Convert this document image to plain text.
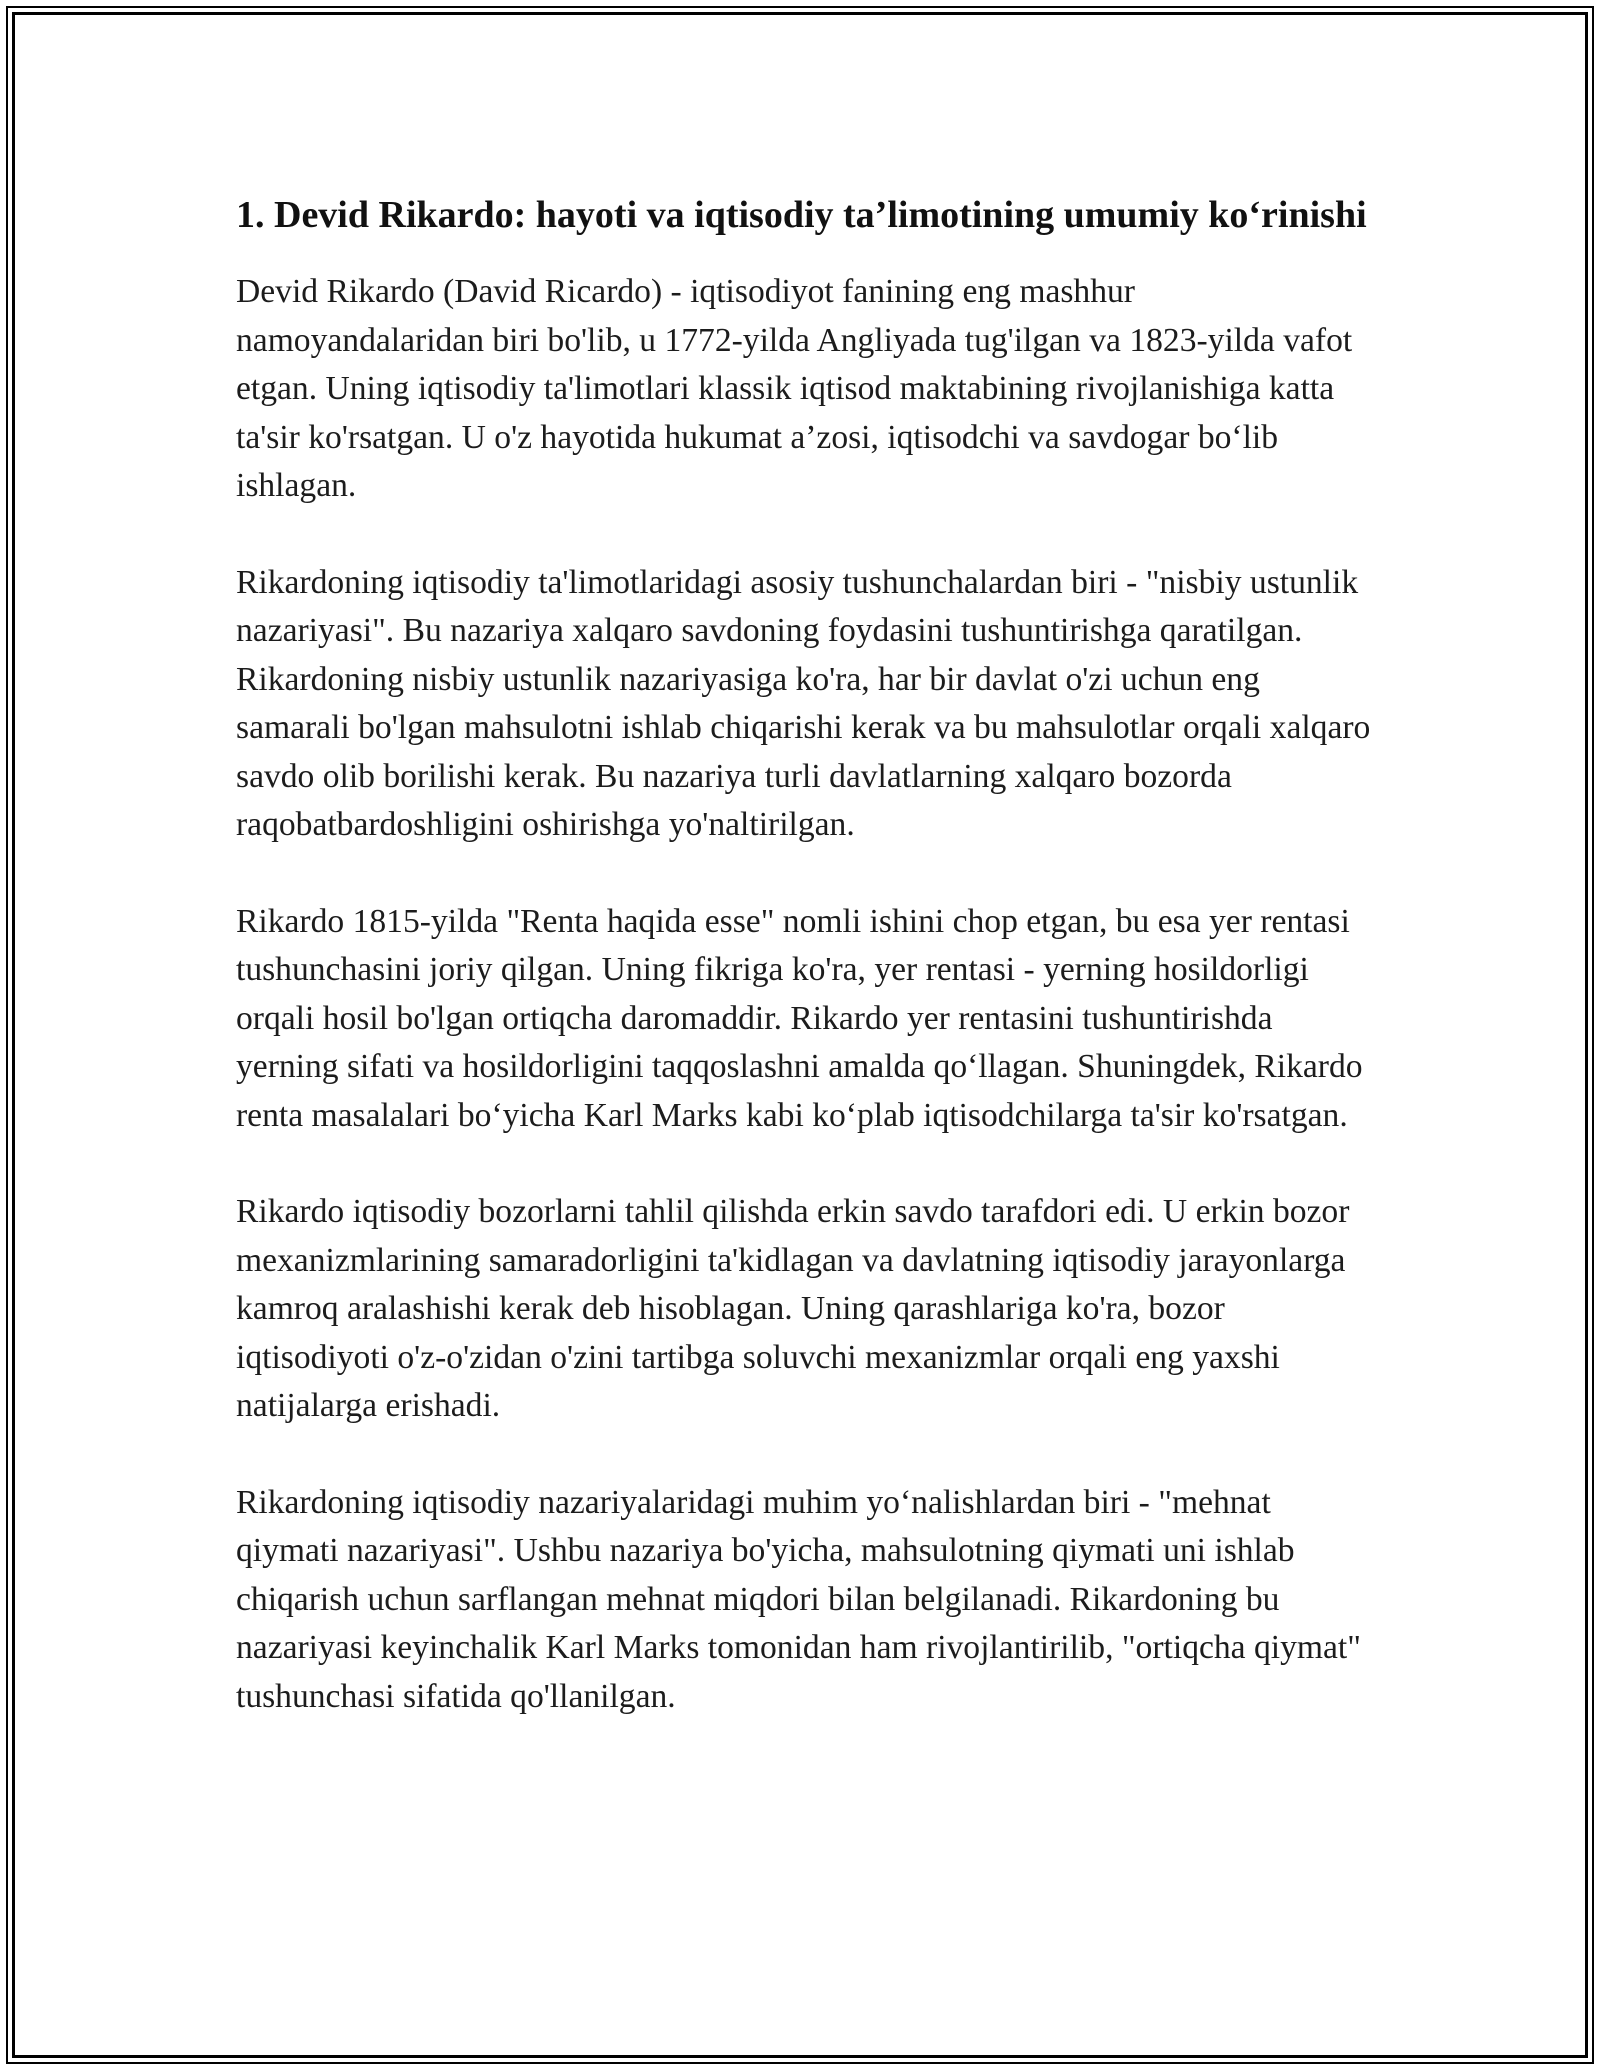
1. Devid Rikardo: hayoti va iqtisodiy ta’limotining umumiy ko‘rinishi

Devid Rikardo (David Ricardo) - iqtisodiyot fanining eng mashhur namoyandalaridan biri bo'lib, u 1772-yilda Angliyada tug'ilgan va 1823-yilda vafot etgan. Uning iqtisodiy ta'limotlari klassik iqtisod maktabining rivojlanishiga katta ta'sir ko'rsatgan. U o'z hayotida hukumat a’zosi, iqtisodchi va savdogar bo‘lib ishlagan.

Rikardoning iqtisodiy ta'limotlaridagi asosiy tushunchalardan biri - "nisbiy ustunlik nazariyasi". Bu nazariya xalqaro savdoning foydasini tushuntirishga qaratilgan. Rikardoning nisbiy ustunlik nazariyasiga ko'ra, har bir davlat o'zi uchun eng samarali bo'lgan mahsulotni ishlab chiqarishi kerak va bu mahsulotlar orqali xalqaro savdo olib borilishi kerak. Bu nazariya turli davlatlarning xalqaro bozorda raqobatbardoshligini oshirishga yo'naltirilgan.

Rikardo 1815-yilda "Renta haqida esse" nomli ishini chop etgan, bu esa yer rentasi tushunchasini joriy qilgan. Uning fikriga ko'ra, yer rentasi - yerning hosildorligi orqali hosil bo'lgan ortiqcha daromaddir. Rikardo yer rentasini tushuntirishda yerning sifati va hosildorligini taqqoslashni amalda qo‘llagan. Shuningdek, Rikardo renta masalalari bo‘yicha Karl Marks kabi ko‘plab iqtisodchilarga ta'sir ko'rsatgan.

Rikardo iqtisodiy bozorlarni tahlil qilishda erkin savdo tarafdori edi. U erkin bozor mexanizmlarining samaradorligini ta'kidlagan va davlatning iqtisodiy jarayonlarga kamroq aralashishi kerak deb hisoblagan. Uning qarashlariga ko'ra, bozor iqtisodiyoti o'z-o'zidan o'zini tartibga soluvchi mexanizmlar orqali eng yaxshi natijalarga erishadi.

Rikardoning iqtisodiy nazariyalaridagi muhim yo‘nalishlardan biri - "mehnat qiymati nazariyasi". Ushbu nazariya bo'yicha, mahsulotning qiymati uni ishlab chiqarish uchun sarflangan mehnat miqdori bilan belgilanadi. Rikardoning bu nazariyasi keyinchalik Karl Marks tomonidan ham rivojlantirilib, "ortiqcha qiymat" tushunchasi sifatida qo'llanilgan.
